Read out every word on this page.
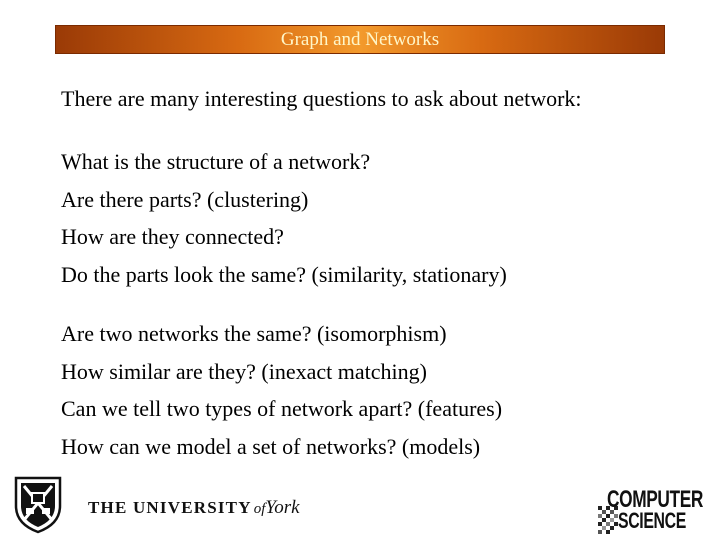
Graph and Networks
There are many interesting questions to ask about network:
What is the structure of a network?
Are there parts? (clustering)
How are they connected?
Do the parts look the same? (similarity, stationary)
Are two networks the same? (isomorphism)
How similar are they? (inexact matching)
Can we tell two types of network apart? (features)
How can we model a set of networks? (models)
THE UNIVERSITY ofYork	COMPUTER
SCIENCE
